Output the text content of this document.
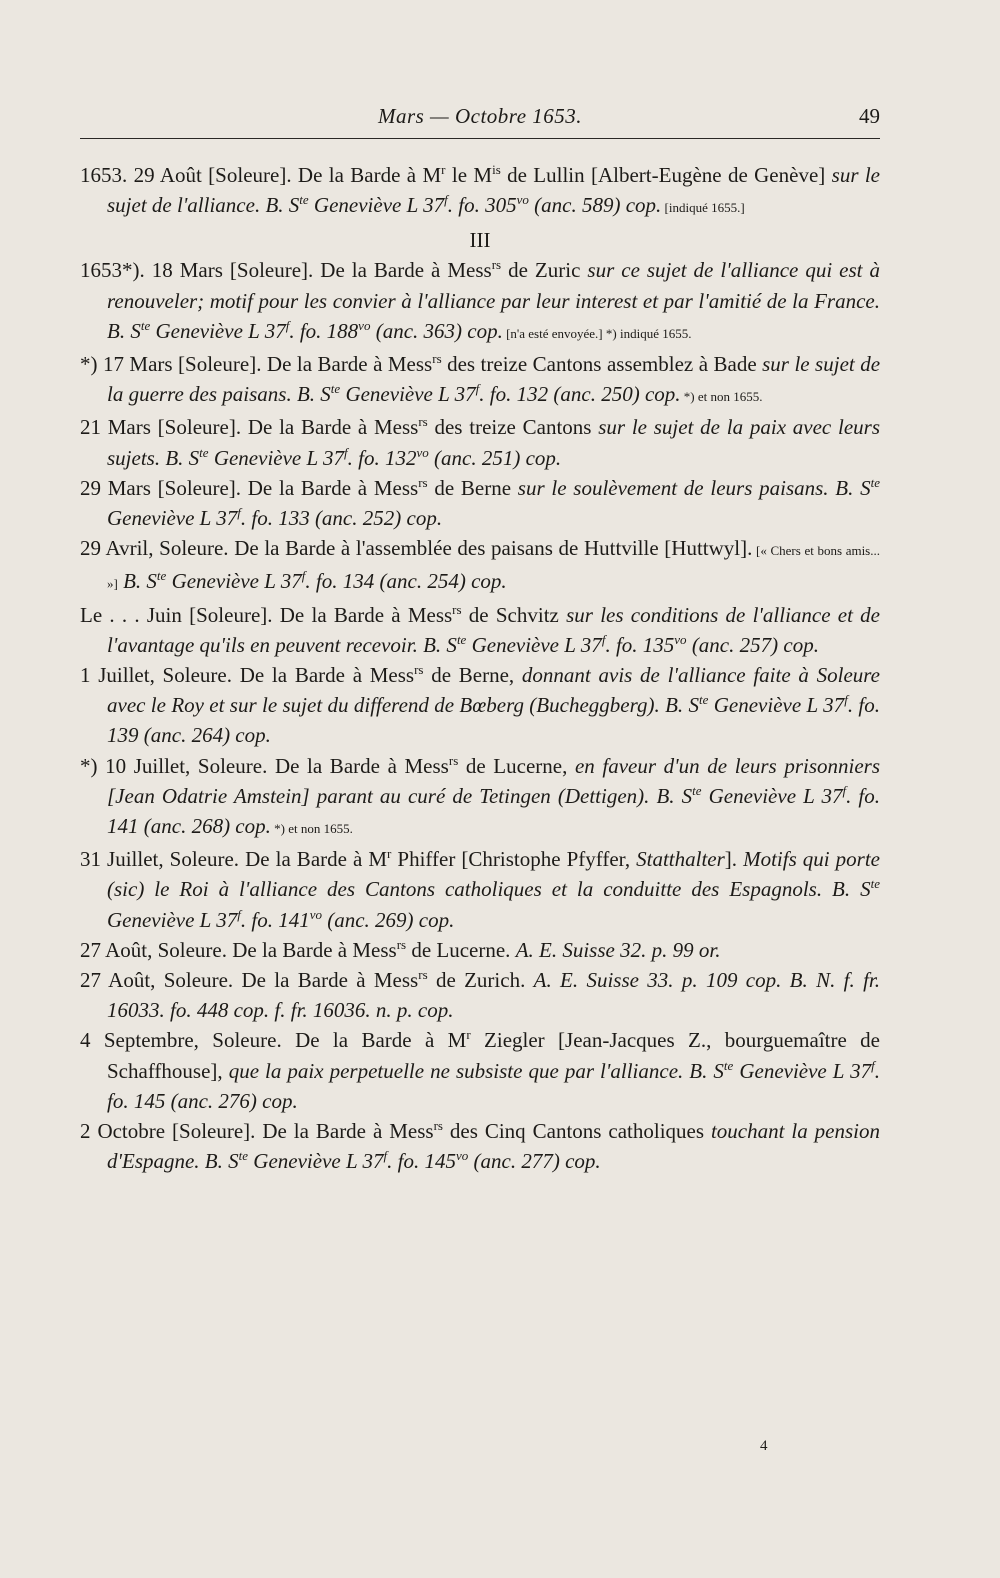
Mars — Octobre 1653.	49
1653. 29 Août [Soleure]. De la Barde à $M^r$ le $M^{is}$ de Lullin [Albert-Eugène de Genève] sur le sujet de l'alliance. B. $S^{te}$ Geneviève L 37$^f$. fo. $305^{vo}$ (anc. 589) cop. [indiqué 1655.]
III
1653*). 18 Mars [Soleure]. De la Barde à Mess$^{rs}$ de Zuric sur ce sujet de l'alliance qui est à renouveler; motif pour les convier à l'alliance par leur interest et par l'amitié de la France. B. $S^{te}$ Geneviève L 37$^f$. fo. $188^{vo}$ (anc. 363) cop. [n'a esté envoyée.] *) indiqué 1655.
*) 17 Mars [Soleure]. De la Barde à Mess$^{rs}$ des treize Cantons assemblez à Bade sur le sujet de la guerre des paisans. B. $S^{te}$ Geneviève L 37$^f$. fo. 132 (anc. 250) cop. *) et non 1655.
21 Mars [Soleure]. De la Barde à Mess$^{rs}$ des treize Cantons sur le sujet de la paix avec leurs sujets. B. $S^{te}$ Geneviève L 37$^f$. fo. $132^{vo}$ (anc. 251) cop.
29 Mars [Soleure]. De la Barde à Mess$^{rs}$ de Berne sur le soulèvement de leurs paisans. B. $S^{te}$ Geneviève L 37$^f$. fo. 133 (anc. 252) cop.
29 Avril, Soleure. De la Barde à l'assemblée des paisans de Huttville [Huttwyl]. [« Chers et bons amis... »] B. $S^{te}$ Geneviève L 37$^f$. fo. 134 (anc. 254) cop.
Le . . . Juin [Soleure]. De la Barde à Mess$^{rs}$ de Schvitz sur les conditions de l'alliance et de l'avantage qu'ils en peuvent recevoir. B. $S^{te}$ Geneviève L 37$^f$. fo. $135^{vo}$ (anc. 257) cop.
1 Juillet, Soleure. De la Barde à Mess$^{rs}$ de Berne, donnant avis de l'alliance faite à Soleure avec le Roy et sur le sujet du differend de Bœberg (Bucheggberg). B. $S^{te}$ Geneviève L 37$^f$. fo. 139 (anc. 264) cop.
*) 10 Juillet, Soleure. De la Barde à Mess$^{rs}$ de Lucerne, en faveur d'un de leurs prisonniers [Jean Odatrie Amstein] parant au curé de Tetingen (Dettigen). B. $S^{te}$ Geneviève L 37$^f$. fo. 141 (anc. 268) cop. *) et non 1655.
31 Juillet, Soleure. De la Barde à $M^r$ Phiffer [Christophe Pfyffer, Statthalter]. Motifs qui porte (sic) le Roi à l'alliance des Cantons catholiques et la conduitte des Espagnols. B. $S^{te}$ Geneviève L 37$^f$. fo. $141^{vo}$ (anc. 269) cop.
27 Août, Soleure. De la Barde à Mess$^{rs}$ de Lucerne. A. E. Suisse 32. p. 99 or.
27 Août, Soleure. De la Barde à Mess$^{rs}$ de Zurich. A. E. Suisse 33. p. 109 cop. B. N. f. fr. 16033. fo. 448 cop. f. fr. 16036. n. p. cop.
4 Septembre, Soleure. De la Barde à $M^r$ Ziegler [Jean-Jacques Z., bourguemaître de Schaffhouse], que la paix perpetuelle ne subsiste que par l'alliance. B. $S^{te}$ Geneviève L 37$^f$. fo. 145 (anc. 276) cop.
2 Octobre [Soleure]. De la Barde à Mess$^{rs}$ des Cinq Cantons catholiques touchant la pension d'Espagne. B. $S^{te}$ Geneviève L 37$^f$. fo. $145^{vo}$ (anc. 277) cop.
4
